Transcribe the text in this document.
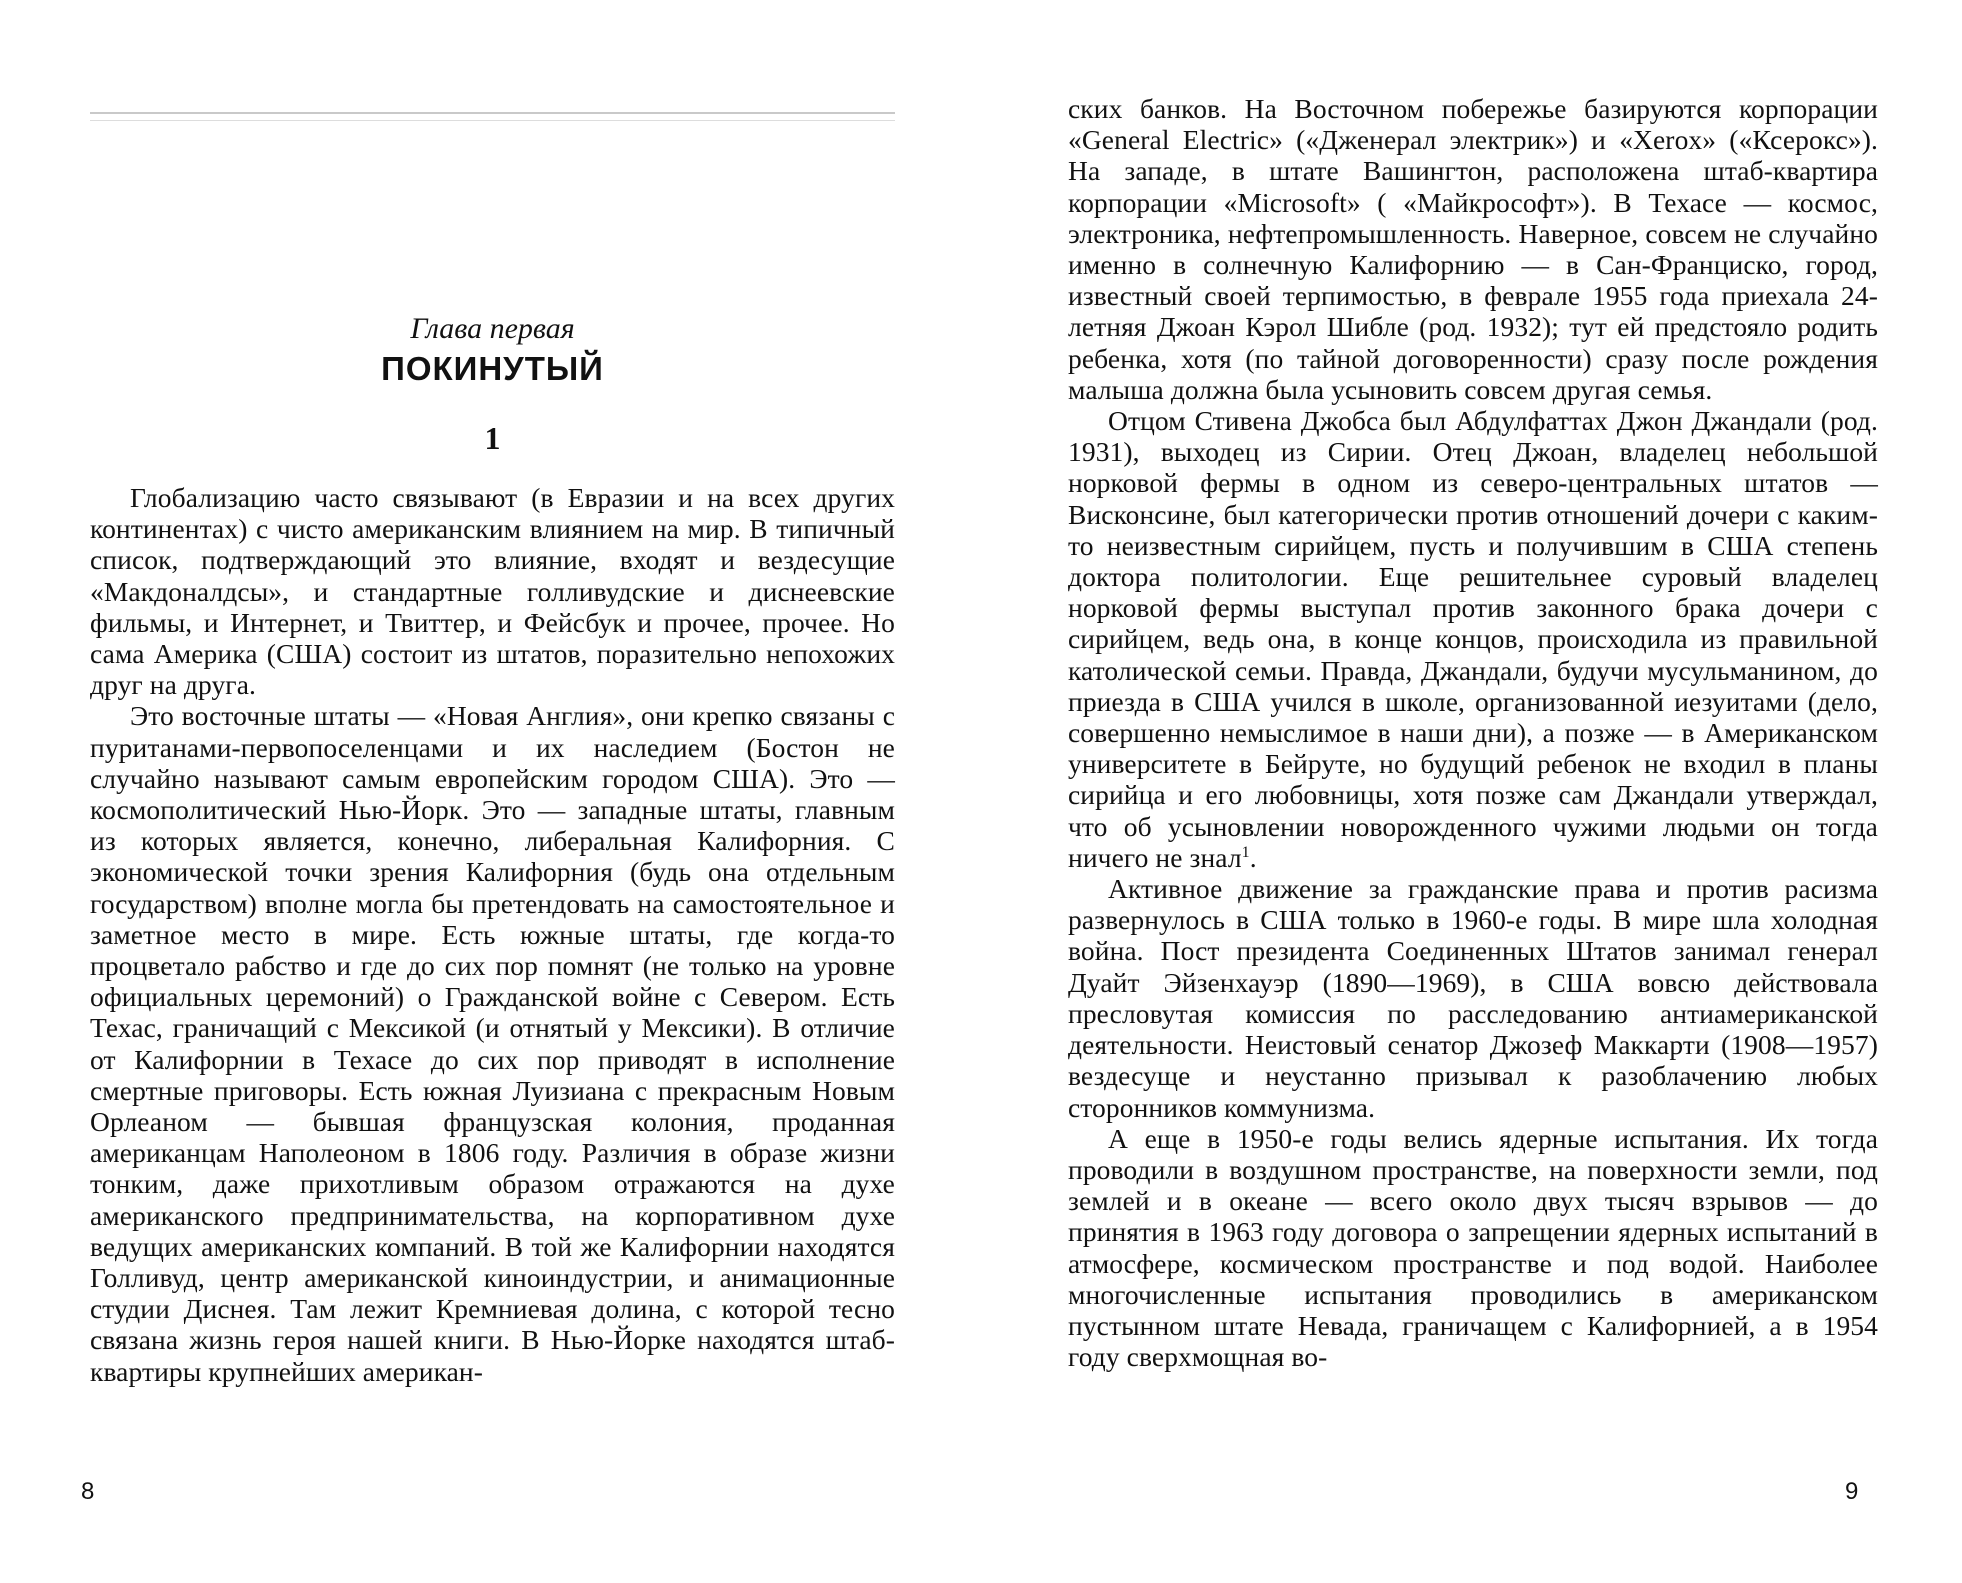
Глава первая
ПОКИНУТЫЙ
1

Глобализацию часто связывают (в Евразии и на всех других континентах) с чисто американским влиянием на мир. В типичный список, подтверждающий это влияние, входят и вездесущие «Макдоналдсы», и стандартные голливудские и диснеевские фильмы, и Интернет, и Твиттер, и Фейсбук и прочее, прочее. Но сама Америка (США) состоит из штатов, поразительно непохожих друг на друга.

Это восточные штаты — «Новая Англия», они крепко связаны с пуританами-первопоселенцами и их наследием (Бостон не случайно называют самым европейским городом США). Это — космополитический Нью-Йорк. Это — западные штаты, главным из которых является, конечно, либеральная Калифорния. С экономической точки зрения Калифорния (будь она отдельным государством) вполне могла бы претендовать на самостоятельное и заметное место в мире. Есть южные штаты, где когда-то процветало рабство и где до сих пор помнят (не только на уровне официальных церемоний) о Гражданской войне с Севером. Есть Техас, граничащий с Мексикой (и отнятый у Мексики). В отличие от Калифорнии в Техасе до сих пор приводят в исполнение смертные приговоры. Есть южная Луизиана с прекрасным Новым Орлеаном — бывшая французская колония, проданная американцам Наполеоном в 1806 году. Различия в образе жизни тонким, даже прихотливым образом отражаются на духе американского предпринимательства, на корпоративном духе ведущих американских компаний. В той же Калифорнии находятся Голливуд, центр американской киноиндустрии, и анимационные студии Диснея. Там лежит Кремниевая долина, с которой тесно связана жизнь героя нашей книги. В Нью-Йорке находятся штаб-квартиры крупнейших американ-

8

ских банков. На Восточном побережье базируются корпорации «General Electric» («Дженерал электрик») и «Xerox» («Ксерокс»). На западе, в штате Вашингтон, расположена штаб-квартира корпорации «Microsoft» ( «Майкрософт»). В Техасе — космос, электроника, нефтепромышленность. Наверное, совсем не случайно именно в солнечную Калифорнию — в Сан-Франциско, город, известный своей терпимостью, в феврале 1955 года приехала 24-летняя Джоан Кэрол Шибле (род. 1932); тут ей предстояло родить ребенка, хотя (по тайной договоренности) сразу после рождения малыша должна была усыновить совсем другая семья.

Отцом Стивена Джобса был Абдулфаттах Джон Джандали (род. 1931), выходец из Сирии. Отец Джоан, владелец небольшой норковой фермы в одном из северо-центральных штатов — Висконсине, был категорически против отношений дочери с каким-то неизвестным сирийцем, пусть и получившим в США степень доктора политологии. Еще решительнее суровый владелец норковой фермы выступал против законного брака дочери с сирийцем, ведь она, в конце концов, происходила из правильной католической семьи. Правда, Джандали, будучи мусульманином, до приезда в США учился в школе, организованной иезуитами (дело, совершенно немыслимое в наши дни), а позже — в Американском университете в Бейруте, но будущий ребенок не входил в планы сирийца и его любовницы, хотя позже сам Джандали утверждал, что об усыновлении новорожденного чужими людьми он тогда ничего не знал$^1$.

Активное движение за гражданские права и против расизма развернулось в США только в 1960-е годы. В мире шла холодная война. Пост президента Соединенных Штатов занимал генерал Дуайт Эйзенхауэр (1890—1969), в США вовсю действовала пресловутая комиссия по расследованию антиамериканской деятельности. Неистовый сенатор Джозеф Маккарти (1908—1957) вездесуще и неустанно призывал к разоблачению любых сторонников коммунизма.

А еще в 1950-е годы велись ядерные испытания. Их тогда проводили в воздушном пространстве, на поверхности земли, под землей и в океане — всего около двух тысяч взрывов — до принятия в 1963 году договора о запрещении ядерных испытаний в атмосфере, космическом пространстве и под водой. Наиболее многочисленные испытания проводились в американском пустынном штате Невада, граничащем с Калифорнией, а в 1954 году сверхмощная во-

9
